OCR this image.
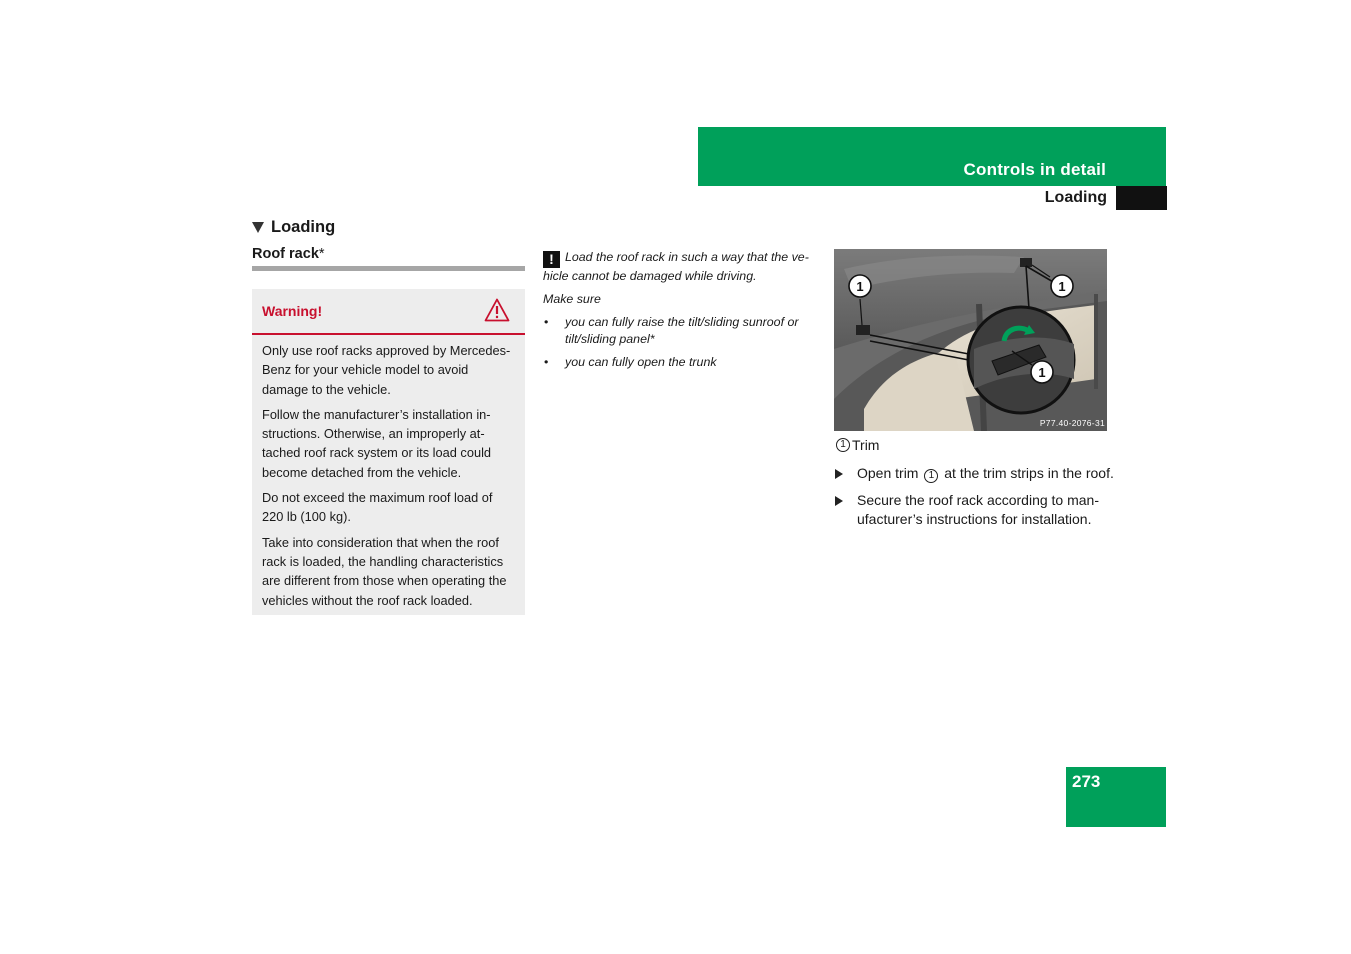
Controls in detail
Loading
Loading
Roof rack*
Warning!

Only use roof racks approved by Mercedes-Benz for your vehicle model to avoid damage to the vehicle.

Follow the manufacturer’s installation in-structions. Otherwise, an improperly at-tached roof rack system or its load could become detached from the vehicle.

Do not exceed the maximum roof load of 220 lb (100 kg).

Take into consideration that when the roof rack is loaded, the handling characteristics are different from those when operating the vehicles without the roof rack loaded.

! Load the roof rack in such a way that the ve-hicle cannot be damaged while driving.

Make sure

• you can fully raise the tilt/sliding sunroof or tilt/sliding panel*
• you can fully open the trunk
1	1
1
P77.40-2076-31
1 Trim
Open trim 1 at the trim strips in the roof.
Secure the roof rack according to man-ufacturer’s instructions for installation.
273
